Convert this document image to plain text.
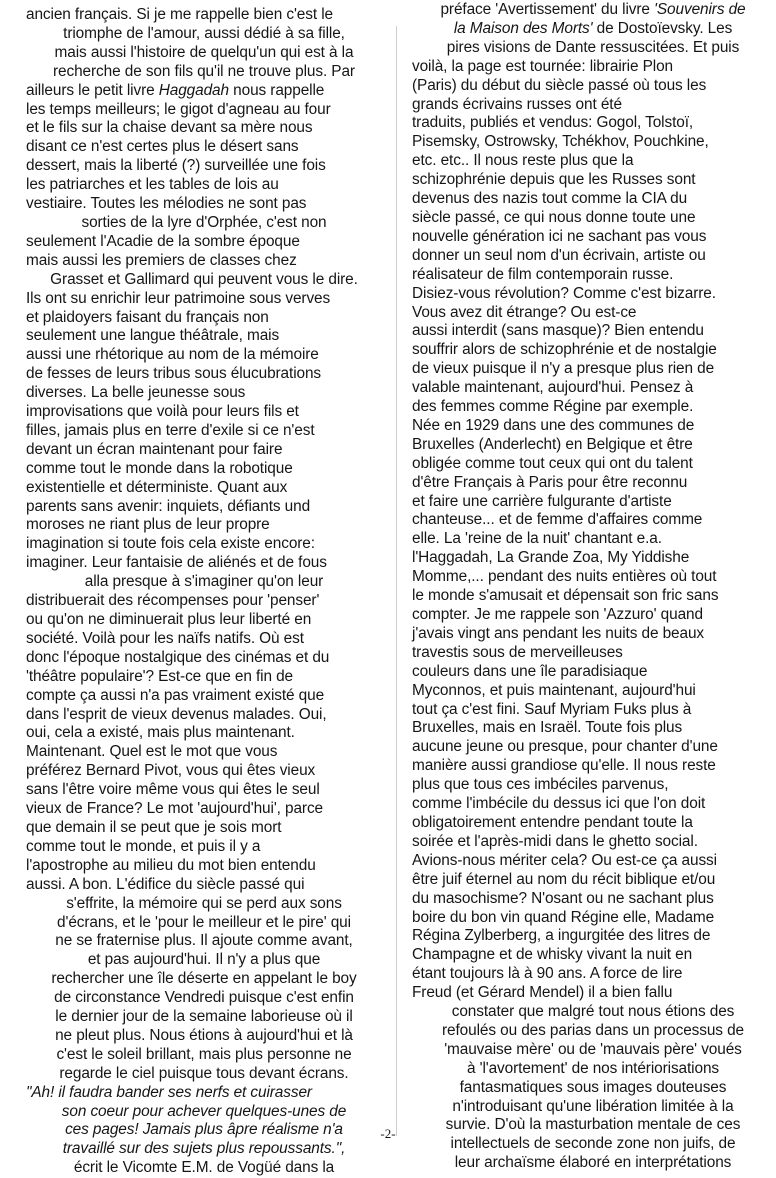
ancien français. Si je me rappelle bien c'est le
triomphe de l'amour, aussi dédié à sa fille,
mais aussi l'histoire de quelqu'un qui est à la
recherche de son fils qu'il ne trouve plus. Par
ailleurs le petit livre Haggadah nous rappelle
les temps meilleurs; le gigot d'agneau au four
et le fils sur la chaise devant sa mère nous
disant ce n'est certes plus le désert sans
dessert, mais la liberté (?) surveillée une fois
les patriarches et les tables de lois au
vestiaire. Toutes les mélodies ne sont pas
sorties de la lyre d'Orphée, c'est non
seulement l'Acadie de la sombre époque
mais aussi les premiers de classes chez
Grasset et Gallimard qui peuvent vous le dire.
Ils ont su enrichir leur patrimoine sous verves
et plaidoyers faisant du français non
seulement une langue théâtrale, mais
aussi une rhétorique au nom de la mémoire
de fesses de leurs tribus sous élucubrations
diverses. La belle jeunesse sous
improvisations que voilà pour leurs fils et
filles, jamais plus en terre d'exile si ce n'est
devant un écran maintenant pour faire
comme tout le monde dans la robotique
existentielle et déterministe. Quant aux
parents sans avenir: inquiets, défiants und
moroses ne riant plus de leur propre
imagination si toute fois cela existe encore:
imaginer. Leur fantaisie de aliénés et de fous
alla presque à s'imaginer qu'on leur
distribuerait des récompenses pour 'penser'
ou qu'on ne diminuerait plus leur liberté en
société. Voilà pour les naïfs natifs. Où est
donc l'époque nostalgique des cinémas et du
'théâtre populaire'? Est-ce que en fin de
compte ça aussi n'a pas vraiment existé que
dans l'esprit de vieux devenus malades. Oui,
oui, cela a existé, mais plus maintenant.
Maintenant. Quel est le mot que vous
préférez Bernard Pivot, vous qui êtes vieux
sans l'être voire même vous qui êtes le seul
vieux de France? Le mot 'aujourd'hui', parce
que demain il se peut que je sois mort
comme tout le monde, et puis il y a
l'apostrophe au milieu du mot bien entendu
aussi. A bon. L'édifice du siècle passé qui
s'effrite, la mémoire qui se perd aux sons
d'écrans, et le 'pour le meilleur et le pire' qui
ne se fraternise plus. Il ajoute comme avant,
et pas aujourd'hui. Il n'y a plus que
rechercher une île déserte en appelant le boy
de circonstance Vendredi puisque c'est enfin
le dernier jour de la semaine laborieuse où il
ne pleut plus. Nous étions à aujourd'hui et là
c'est le soleil brillant, mais plus personne ne
regarde le ciel puisque tous devant écrans.
"Ah! il faudra bander ses nerfs et cuirasser
son coeur pour achever quelques-unes de
ces pages! Jamais plus âpre réalisme n'a
travaillé sur des sujets plus repoussants.",
écrit le Vicomte E.M. de Vogüé dans la
préface 'Avertissement' du livre 'Souvenirs de
la Maison des Morts' de Dostoïevsky. Les
pires visions de Dante ressuscitées. Et puis
voilà, la page est tournée: librairie Plon
(Paris) du début du siècle passé où tous les
grands écrivains russes ont été
traduits, publiés et vendus: Gogol, Tolstoï,
Pisemsky, Ostrowsky, Tchékhov, Pouchkine,
etc. etc.. Il nous reste plus que la
schizophrénie depuis que les Russes sont
devenus des nazis tout comme la CIA du
siècle passé, ce qui nous donne toute une
nouvelle génération ici ne sachant pas vous
donner un seul nom d'un écrivain, artiste ou
réalisateur de film contemporain russe.
Disiez-vous révolution? Comme c'est bizarre.
Vous avez dit étrange? Ou est-ce
aussi interdit (sans masque)? Bien entendu
souffrir alors de schizophrénie et de nostalgie
de vieux puisque il n'y a presque plus rien de
valable maintenant, aujourd'hui. Pensez à
des femmes comme Régine par exemple.
Née en 1929 dans une des communes de
Bruxelles (Anderlecht) en Belgique et être
obligée comme tout ceux qui ont du talent
d'être Français à Paris pour être reconnu
et faire une carrière fulgurante d'artiste
chanteuse... et de femme d'affaires comme
elle. La 'reine de la nuit' chantant e.a.
l'Haggadah, La Grande Zoa, My Yiddishe
Momme,... pendant des nuits entières où tout
le monde s'amusait et dépensait son fric sans
compter. Je me rappele son 'Azzuro' quand
j'avais vingt ans pendant les nuits de beaux
travestis sous de merveilleuses
couleurs dans une île paradisiaque
Myconnos, et puis maintenant, aujourd'hui
tout ça c'est fini. Sauf Myriam Fuks plus à
Bruxelles, mais en Israël. Toute fois plus
aucune jeune ou presque, pour chanter d'une
manière aussi grandiose qu'elle. Il nous reste
plus que tous ces imbéciles parvenus,
comme l'imbécile du dessus ici que l'on doit
obligatoirement entendre pendant toute la
soirée et l'après-midi dans le ghetto social.
Avions-nous mériter cela? Ou est-ce ça aussi
être juif éternel au nom du récit biblique et/ou
du masochisme? N'osant ou ne sachant plus
boire du bon vin quand Régine elle, Madame
Régina Zylberberg, a ingurgitée des litres de
Champagne et de whisky vivant la nuit en
étant toujours là à 90 ans. A force de lire
Freud (et Gérard Mendel) il a bien fallu
constater que malgré tout nous étions des
refoulés ou des parias dans un processus de
'mauvaise mère' ou de 'mauvais père' voués
à 'l'avortement' de nos intériorisations
fantasmatiques sous images douteuses
n'introduisant qu'une libération limitée à la
survie. D'où la masturbation mentale de ces
intellectuels de seconde zone non juifs, de
leur archaïsme élaboré en interprétations
-2-
